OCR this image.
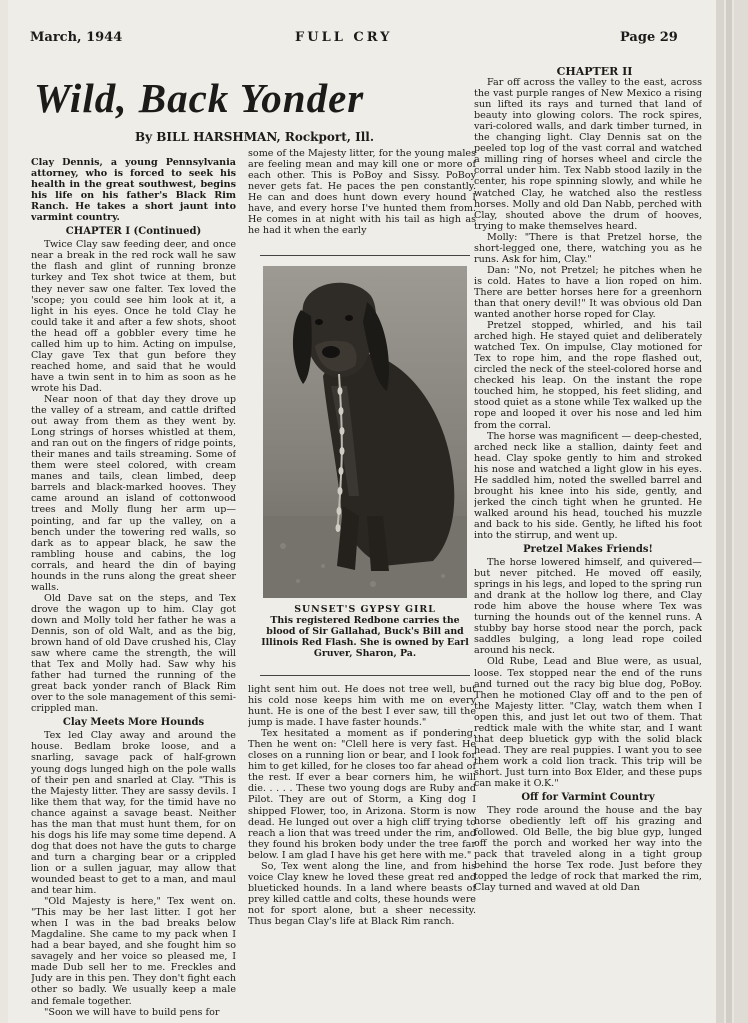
March, 1944	FULL CRY	Page 29
Wild, Back Yonder
By BILL HARSHMAN, Rockport, Ill.

Clay Dennis, a young Pennsylvania attorney, who is forced to seek his health in the great southwest, begins his life on his father's Black Rim Ranch. He takes a short jaunt into varmint country.

CHAPTER I (Continued)

Twice Clay saw feeding deer, and once near a break in the red rock wall he saw the flash and glint of running bronze turkey and Tex shot twice at them, but they never saw one falter. Tex loved the 'scope; you could see him look at it, a light in his eyes. Once he told Clay he could take it and after a few shots, shoot the head off a gobbler every time he called him up to him. Acting on impulse, Clay gave Tex that gun before they reached home, and said that he would have a twin sent in to him as soon as he wrote his Dad.

Near noon of that day they drove up the valley of a stream, and cattle drifted out away from them as they went by. Long strings of horses whistled at them, and ran out on the fingers of ridge points, their manes and tails streaming. Some of them were steel colored, with cream manes and tails, clean limbed, deep barrels and black-marked hooves. They came around an island of cottonwood trees and Molly flung her arm up—pointing, and far up the valley, on a bench under the towering red walls, so dark as to appear black, he saw the rambling house and cabins, the log corrals, and heard the din of baying hounds in the runs along the great sheer walls.

Old Dave sat on the steps, and Tex drove the wagon up to him. Clay got down and Molly told her father he was a Dennis, son of old Walt, and as the big, brown hand of old Dave crushed his, Clay saw where came the strength, the will that Tex and Molly had. Saw why his father had turned the running of the great back yonder ranch of Black Rim over to the sole management of this semi-crippled man.

Clay Meets More Hounds

Tex led Clay away and around the house. Bedlam broke loose, and a snarling, savage pack of half-grown young dogs lunged high on the pole walls of their pen and snarled at Clay. "This is the Majesty litter. They are sassy devils. I like them that way, for the timid have no chance against a savage beast. Neither has the man that must hunt them, for on his dogs his life may some time depend. A dog that does not have the guts to charge and turn a charging bear or a crippled lion or a sullen jaguar, may allow that wounded beast to get to a man, and maul and tear him.

"Old Majesty is here," Tex went on. "This may be her last litter. I got her when I was in the bad breaks below Magdaline. She came to my pack when I had a bear bayed, and she fought him so savagely and her voice so pleased me, I made Dub sell her to me. Freckles and Judy are in this pen. They don't fight each other so badly. We usually keep a male and female together.

"Soon we will have to build pens for

some of the Majesty litter, for the young males are feeling mean and may kill one or more of each other. This is PoBoy and Sissy. PoBoy never gets fat. He paces the pen constantly. He can and does hunt down every hound I have, and every horse I've hunted them from. He comes in at night with his tail as high as he had it when the early

SUNSET'S GYPSY GIRL
This registered Redbone carries the blood of Sir Gallahad, Buck's Bill and Illinois Red Flash. She is owned by Earl Gruver, Sharon, Pa.

light sent him out. He does not tree well, but his cold nose keeps him with me on every hunt. He is one of the best I ever saw, till the jump is made. I have faster hounds."

Tex hesitated a moment as if pondering. Then he went on: "Clell here is very fast. He closes on a running lion or bear, and I look for him to get killed, for he closes too far ahead of the rest. If ever a bear corners him, he will die. . . . . These two young dogs are Ruby and Pilot. They are out of Storm, a King dog I shipped Flower, too, in Arizona. Storm is now dead. He lunged out over a high cliff trying to reach a lion that was treed under the rim, and they found his broken body under the tree far below. I am glad I have his get here with me."

So, Tex went along the line, and from his voice Clay knew he loved these great red and blueticked hounds. In a land where beasts of prey killed cattle and colts, these hounds were not for sport alone, but a sheer necessity. Thus began Clay's life at Black Rim ranch.

CHAPTER II

Far off across the valley to the east, across the vast purple ranges of New Mexico a rising sun lifted its rays and turned that land of beauty into glowing colors. The rock spires, vari-colored walls, and dark timber turned, in the changing light. Clay Dennis sat on the peeled top log of the vast corral and watched a milling ring of horses wheel and circle the corral under him. Tex Nabb stood lazily in the center, his rope spinning slowly, and while he watched Clay, he watched also the restless horses. Molly and old Dan Nabb, perched with Clay, shouted above the drum of hooves, trying to make themselves heard.

Molly: "There is that Pretzel horse, the short-legged one, there, watching you as he runs. Ask for him, Clay."

Dan: "No, not Pretzel; he pitches when he is cold. Hates to have a lion roped on him. There are better horses here for a greenhorn than that onery devil!" It was obvious old Dan wanted another horse roped for Clay.

Pretzel stopped, whirled, and his tail arched high. He stayed quiet and deliberately watched Tex. On impulse, Clay motioned for Tex to rope him, and the rope flashed out, circled the neck of the steel-colored horse and checked his leap. On the instant the rope touched him, he stopped, his feet sliding, and stood quiet as a stone while Tex walked up the rope and looped it over his nose and led him from the corral.

The horse was magnificent — deep-chested, arched neck like a stallion, dainty feet and head. Clay spoke gently to him and stroked his nose and watched a light glow in his eyes. He saddled him, noted the swelled barrel and brought his knee into his side, gently, and jerked the cinch tight when he grunted. He walked around his head, touched his muzzle and back to his side. Gently, he lifted his foot into the stirrup, and went up.

Pretzel Makes Friends!

The horse lowered himself, and quivered—but never pitched. He moved off easily, springs in his legs, and loped to the spring run and drank at the hollow log there, and Clay rode him above the house where Tex was turning the hounds out of the kennel runs. A stubby bay horse stood near the porch, pack saddles bulging, a long lead rope coiled around his neck.

Old Rube, Lead and Blue were, as usual, loose. Tex stopped near the end of the runs and turned out the racy big blue dog, PoBoy. Then he motioned Clay off and to the pen of the Majesty litter. "Clay, watch them when I open this, and just let out two of them. That redtick male with the white star, and I want that deep bluetick gyp with the solid black head. They are real puppies. I want you to see them work a cold lion track. This trip will be short. Just turn into Box Elder, and these pups can make it O.K."

Off for Varmint Country

They rode around the house and the bay horse obediently left off his grazing and followed. Old Belle, the big blue gyp, lunged off the porch and worked her way into the pack that traveled along in a tight group behind the horse Tex rode. Just before they topped the ledge of rock that marked the rim, Clay turned and waved at old Dan
